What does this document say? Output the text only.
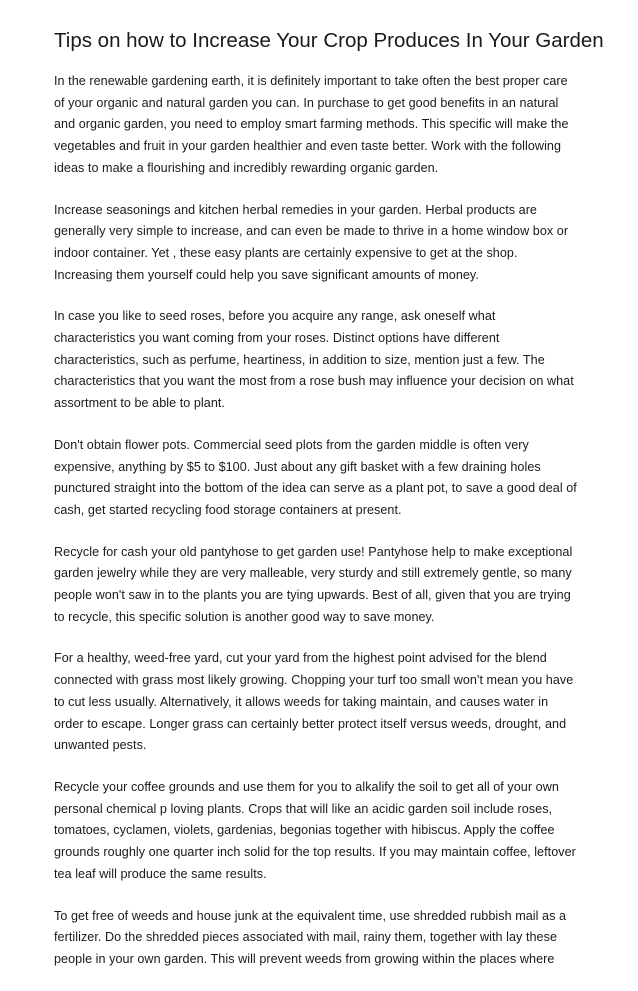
Tips on how to Increase Your Crop Produces In Your Garden

In the renewable gardening earth, it is definitely important to take often the best proper care
of your organic and natural garden you can. In purchase to get good benefits in an natural
and organic garden, you need to employ smart farming methods. This specific will make the
vegetables and fruit in your garden healthier and even taste better. Work with the following
ideas to make a flourishing and incredibly rewarding organic garden.

Increase seasonings and kitchen herbal remedies in your garden. Herbal products are
generally very simple to increase, and can even be made to thrive in a home window box or
indoor container. Yet , these easy plants are certainly expensive to get at the shop.
Increasing them yourself could help you save significant amounts of money.

In case you like to seed roses, before you acquire any range, ask oneself what
characteristics you want coming from your roses. Distinct options have different
characteristics, such as perfume, heartiness, in addition to size, mention just a few. The
characteristics that you want the most from a rose bush may influence your decision on what
assortment to be able to plant.

Don't obtain flower pots. Commercial seed plots from the garden middle is often very
expensive, anything by $5 to $100. Just about any gift basket with a few draining holes
punctured straight into the bottom of the idea can serve as a plant pot, to save a good deal of
cash, get started recycling food storage containers at present.

Recycle for cash your old pantyhose to get garden use! Pantyhose help to make exceptional
garden jewelry while they are very malleable, very sturdy and still extremely gentle, so many
people won't saw in to the plants you are tying upwards. Best of all, given that you are trying
to recycle, this specific solution is another good way to save money.

For a healthy, weed-free yard, cut your yard from the highest point advised for the blend
connected with grass most likely growing. Chopping your turf too small won't mean you have
to cut less usually. Alternatively, it allows weeds for taking maintain, and causes water in
order to escape. Longer grass can certainly better protect itself versus weeds, drought, and
unwanted pests.

Recycle your coffee grounds and use them for you to alkalify the soil to get all of your own
personal chemical p loving plants. Crops that will like an acidic garden soil include roses,
tomatoes, cyclamen, violets, gardenias, begonias together with hibiscus. Apply the coffee
grounds roughly one quarter inch solid for the top results. If you may maintain coffee, leftover
tea leaf will produce the same results.

To get free of weeds and house junk at the equivalent time, use shredded rubbish mail as a
fertilizer. Do the shredded pieces associated with mail, rainy them, together with lay these
people in your own garden. This will prevent weeds from growing within the places where
